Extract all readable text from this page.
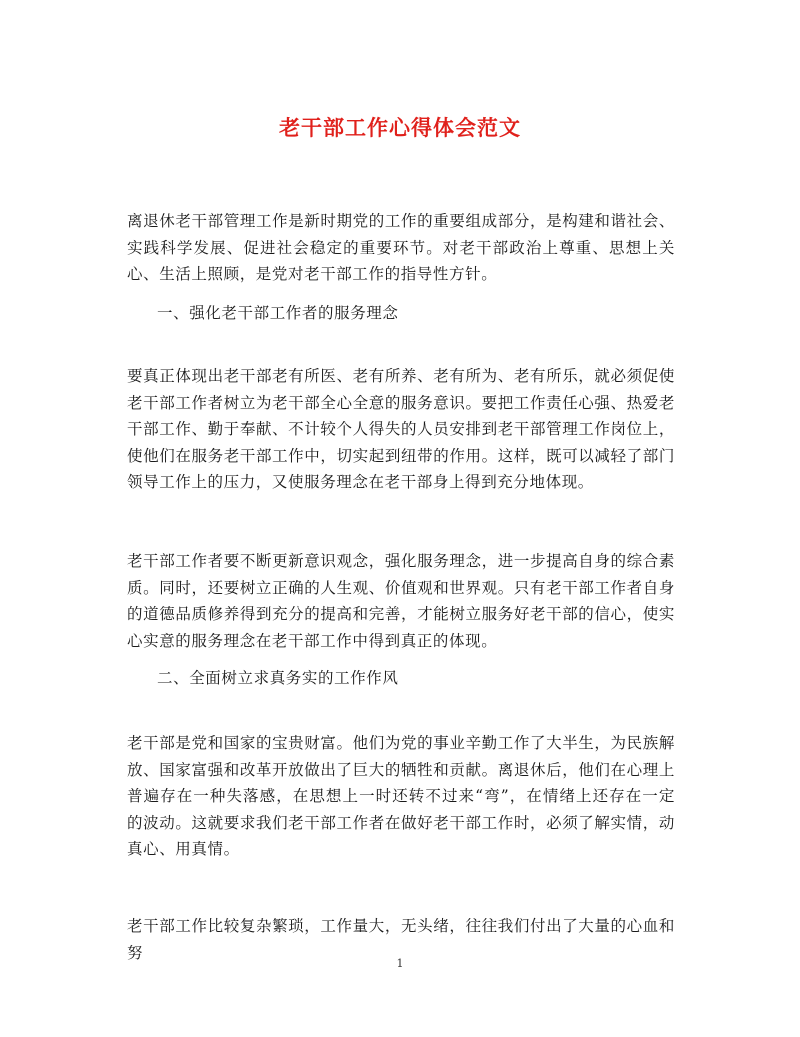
老干部工作心得体会范文

离退休老干部管理工作是新时期党的工作的重要组成部分，是构建和谐社会、实践科学发展、促进社会稳定的重要环节。对老干部政治上尊重、思想上关心、生活上照顾，是党对老干部工作的指导性方针。

一、强化老干部工作者的服务理念

要真正体现出老干部老有所医、老有所养、老有所为、老有所乐，就必须促使老干部工作者树立为老干部全心全意的服务意识。要把工作责任心强、热爱老干部工作、勤于奉献、不计较个人得失的人员安排到老干部管理工作岗位上，使他们在服务老干部工作中，切实起到纽带的作用。这样，既可以减轻了部门领导工作上的压力，又使服务理念在老干部身上得到充分地体现。

老干部工作者要不断更新意识观念，强化服务理念，进一步提高自身的综合素质。同时，还要树立正确的人生观、价值观和世界观。只有老干部工作者自身的道德品质修养得到充分的提高和完善，才能树立服务好老干部的信心，使实心实意的服务理念在老干部工作中得到真正的体现。

二、全面树立求真务实的工作作风

老干部是党和国家的宝贵财富。他们为党的事业辛勤工作了大半生，为民族解放、国家富强和改革开放做出了巨大的牺牲和贡献。离退休后，他们在心理上普遍存在一种失落感，在思想上一时还转不过来“弯”，在情绪上还存在一定的波动。这就要求我们老干部工作者在做好老干部工作时，必须了解实情，动真心、用真情。

老干部工作比较复杂繁琐，工作量大，无头绪，往往我们付出了大量的心血和努

1
